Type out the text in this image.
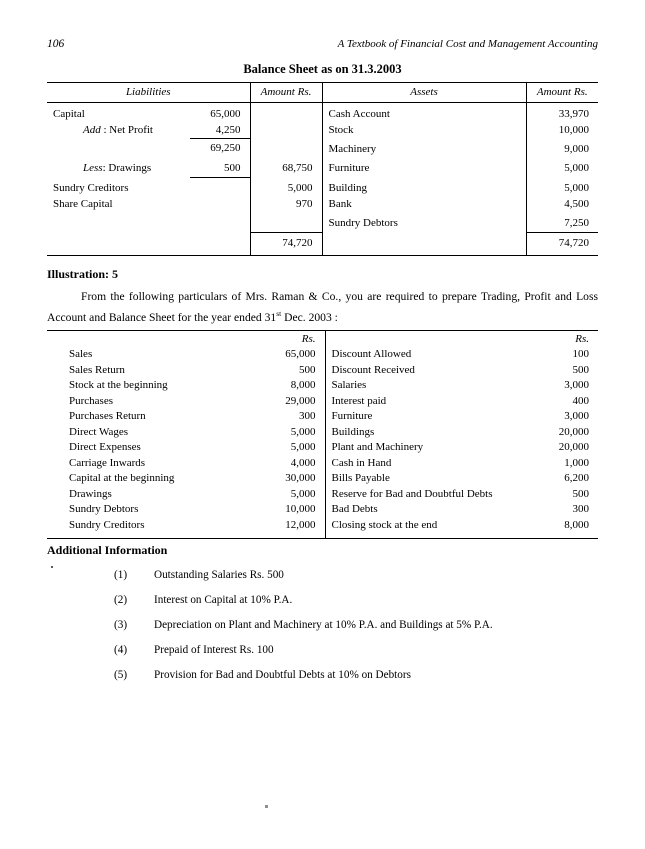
106	A Textbook of Financial Cost and Management Accounting
Balance Sheet as on 31.3.2003
Liabilities		Amount Rs.	Assets	Amount Rs.
Capital	65,000		Cash Account	33,970
Add : Net Profit	4,250		Stock	10,000
	69,250		Machinery	9,000
Less: Drawings	500	68,750	Furniture	5,000
Sundry Creditors		5,000	Building	5,000
Share Capital		970	Bank	4,500
			Sundry Debtors	7,250
		74,720		74,720

Illustration: 5
From the following particulars of Mrs. Raman & Co., you are required to prepare Trading, Profit and Loss Account and Balance Sheet for the year ended 31st Dec. 2003 :
	Rs.		Rs.
Sales	65,000	Discount Allowed	100
Sales Return	500	Discount Received	500
Stock at the beginning	8,000	Salaries	3,000
Purchases	29,000	Interest paid	400
Purchases Return	300	Furniture	3,000
Direct Wages	5,000	Buildings	20,000
Direct Expenses	5,000	Plant and Machinery	20,000
Carriage Inwards	4,000	Cash in Hand	1,000
Capital at the beginning	30,000	Bills Payable	6,200
Drawings	5,000	Reserve for Bad and Doubtful Debts	500
Sundry Debtors	10,000	Bad Debts	300
Sundry Creditors	12,000	Closing stock at the end	8,000

Additional Information
(1)	Outstanding Salaries Rs. 500
(2)	Interest on Capital at 10% P.A.
(3)	Depreciation on Plant and Machinery at 10% P.A. and Buildings at 5% P.A.
(4)	Prepaid of Interest Rs. 100
(5)	Provision for Bad and Doubtful Debts at 10% on Debtors
